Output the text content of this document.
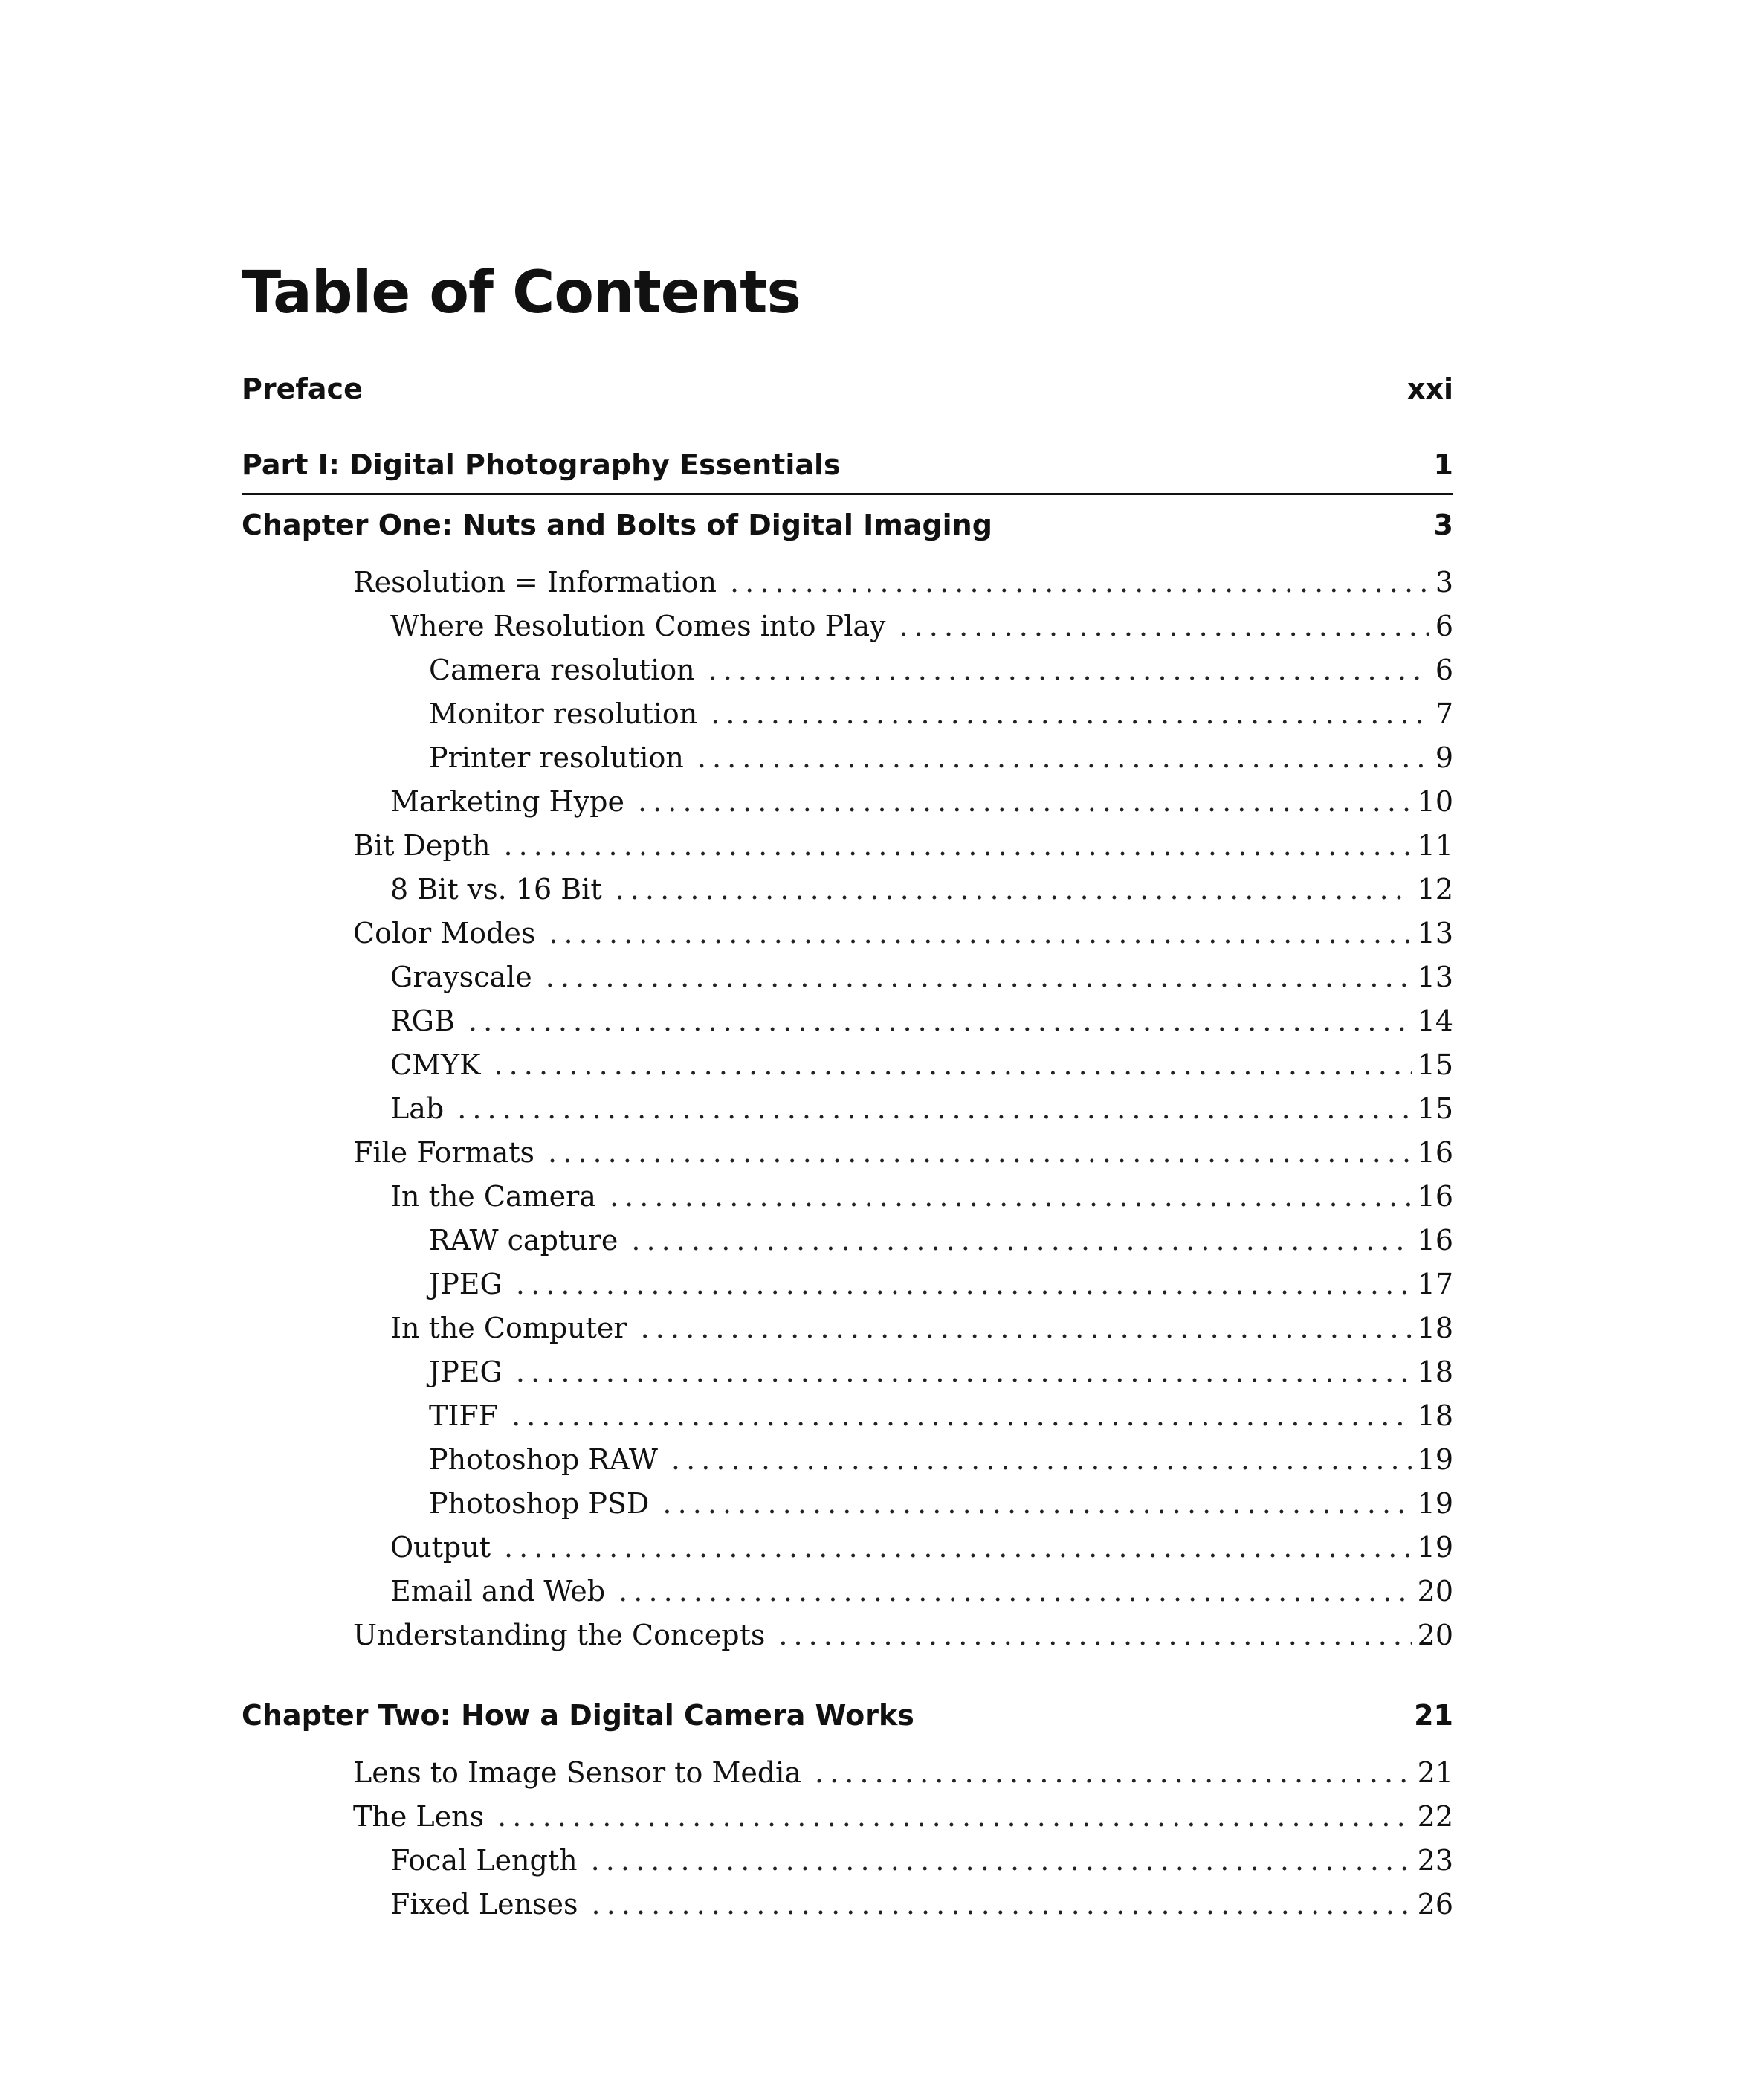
Table of Contents
Preface	xxi
Part I: Digital Photography Essentials	1
Chapter One: Nuts and Bolts of Digital Imaging	3
Resolution = Information . . .	3
Where Resolution Comes into Play . . .	6
Camera resolution . . .	6
Monitor resolution . . .	7
Printer resolution . . .	9
Marketing Hype . . .	10
Bit Depth . . .	11
8 Bit vs. 16 Bit . . .	12
Color Modes . . .	13
Grayscale . . .	13
RGB . . .	14
CMYK . . .	15
Lab . . .	15
File Formats . . .	16
In the Camera . . .	16
RAW capture . . .	16
JPEG . . .	17
In the Computer . . .	18
JPEG . . .	18
TIFF . . .	18
Photoshop RAW . . .	19
Photoshop PSD . . .	19
Output . . .	19
Email and Web . . .	20
Understanding the Concepts . . .	20
Chapter Two: How a Digital Camera Works	21
Lens to Image Sensor to Media . . .	21
The Lens . . .	22
Focal Length . . .	23
Fixed Lenses . . .	26
